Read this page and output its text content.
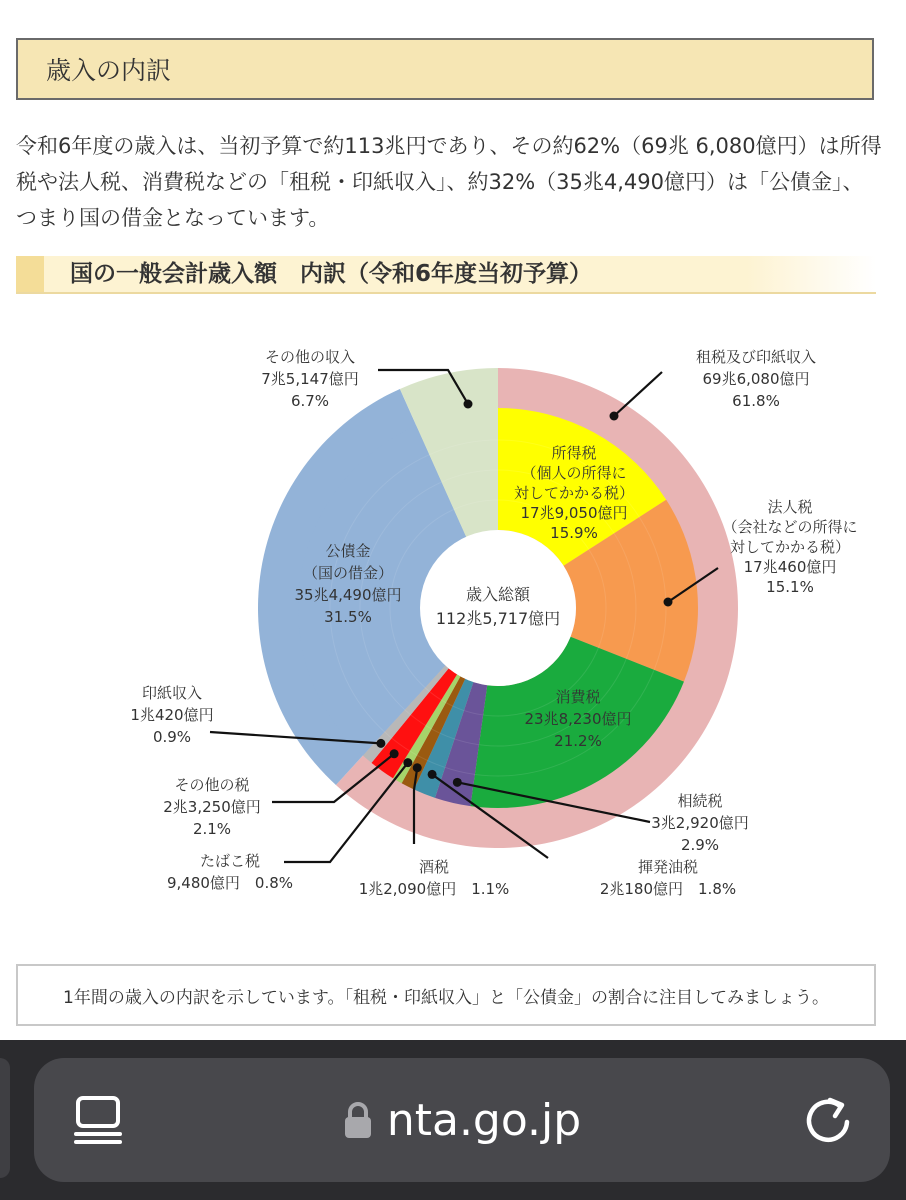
歳入の内訳

令和6年度の歳入は、当初予算で約113兆円であり、その約62%（69兆 6,080億円）は所得税や法人税、消費税などの「租税・印紙収入」、約32%（35兆4,490億円）は「公債金」、つまり国の借金となっています。

国の一般会計歳入額　内訳（令和6年度当初予算）
歳入総額 112兆5,717億円
所得税（個人の所得に対してかかる税） 17兆9,050億円 15.9%
消費税 23兆8,230億円 21.2%
公債金（国の借金） 35兆4,490億円 31.5%
租税及び印紙収入 69兆6,080億円 61.8%
法人税（会社などの所得に対してかかる税） 17兆460億円 15.1%
その他の収入 7兆5,147億円 6.7%
相続税 3兆2,920億円 2.9%
揮発油税 2兆180億円　1.8%
酒税 1兆2,090億円　1.1%
たばこ税 9,480億円　0.8%
その他の税 2兆3,250億円 2.1%
印紙収入 1兆420億円 0.9%
1年間の歳入の内訳を示しています。「租税・印紙収入」と「公債金」の割合に注目してみましょう。
nta.go.jp
